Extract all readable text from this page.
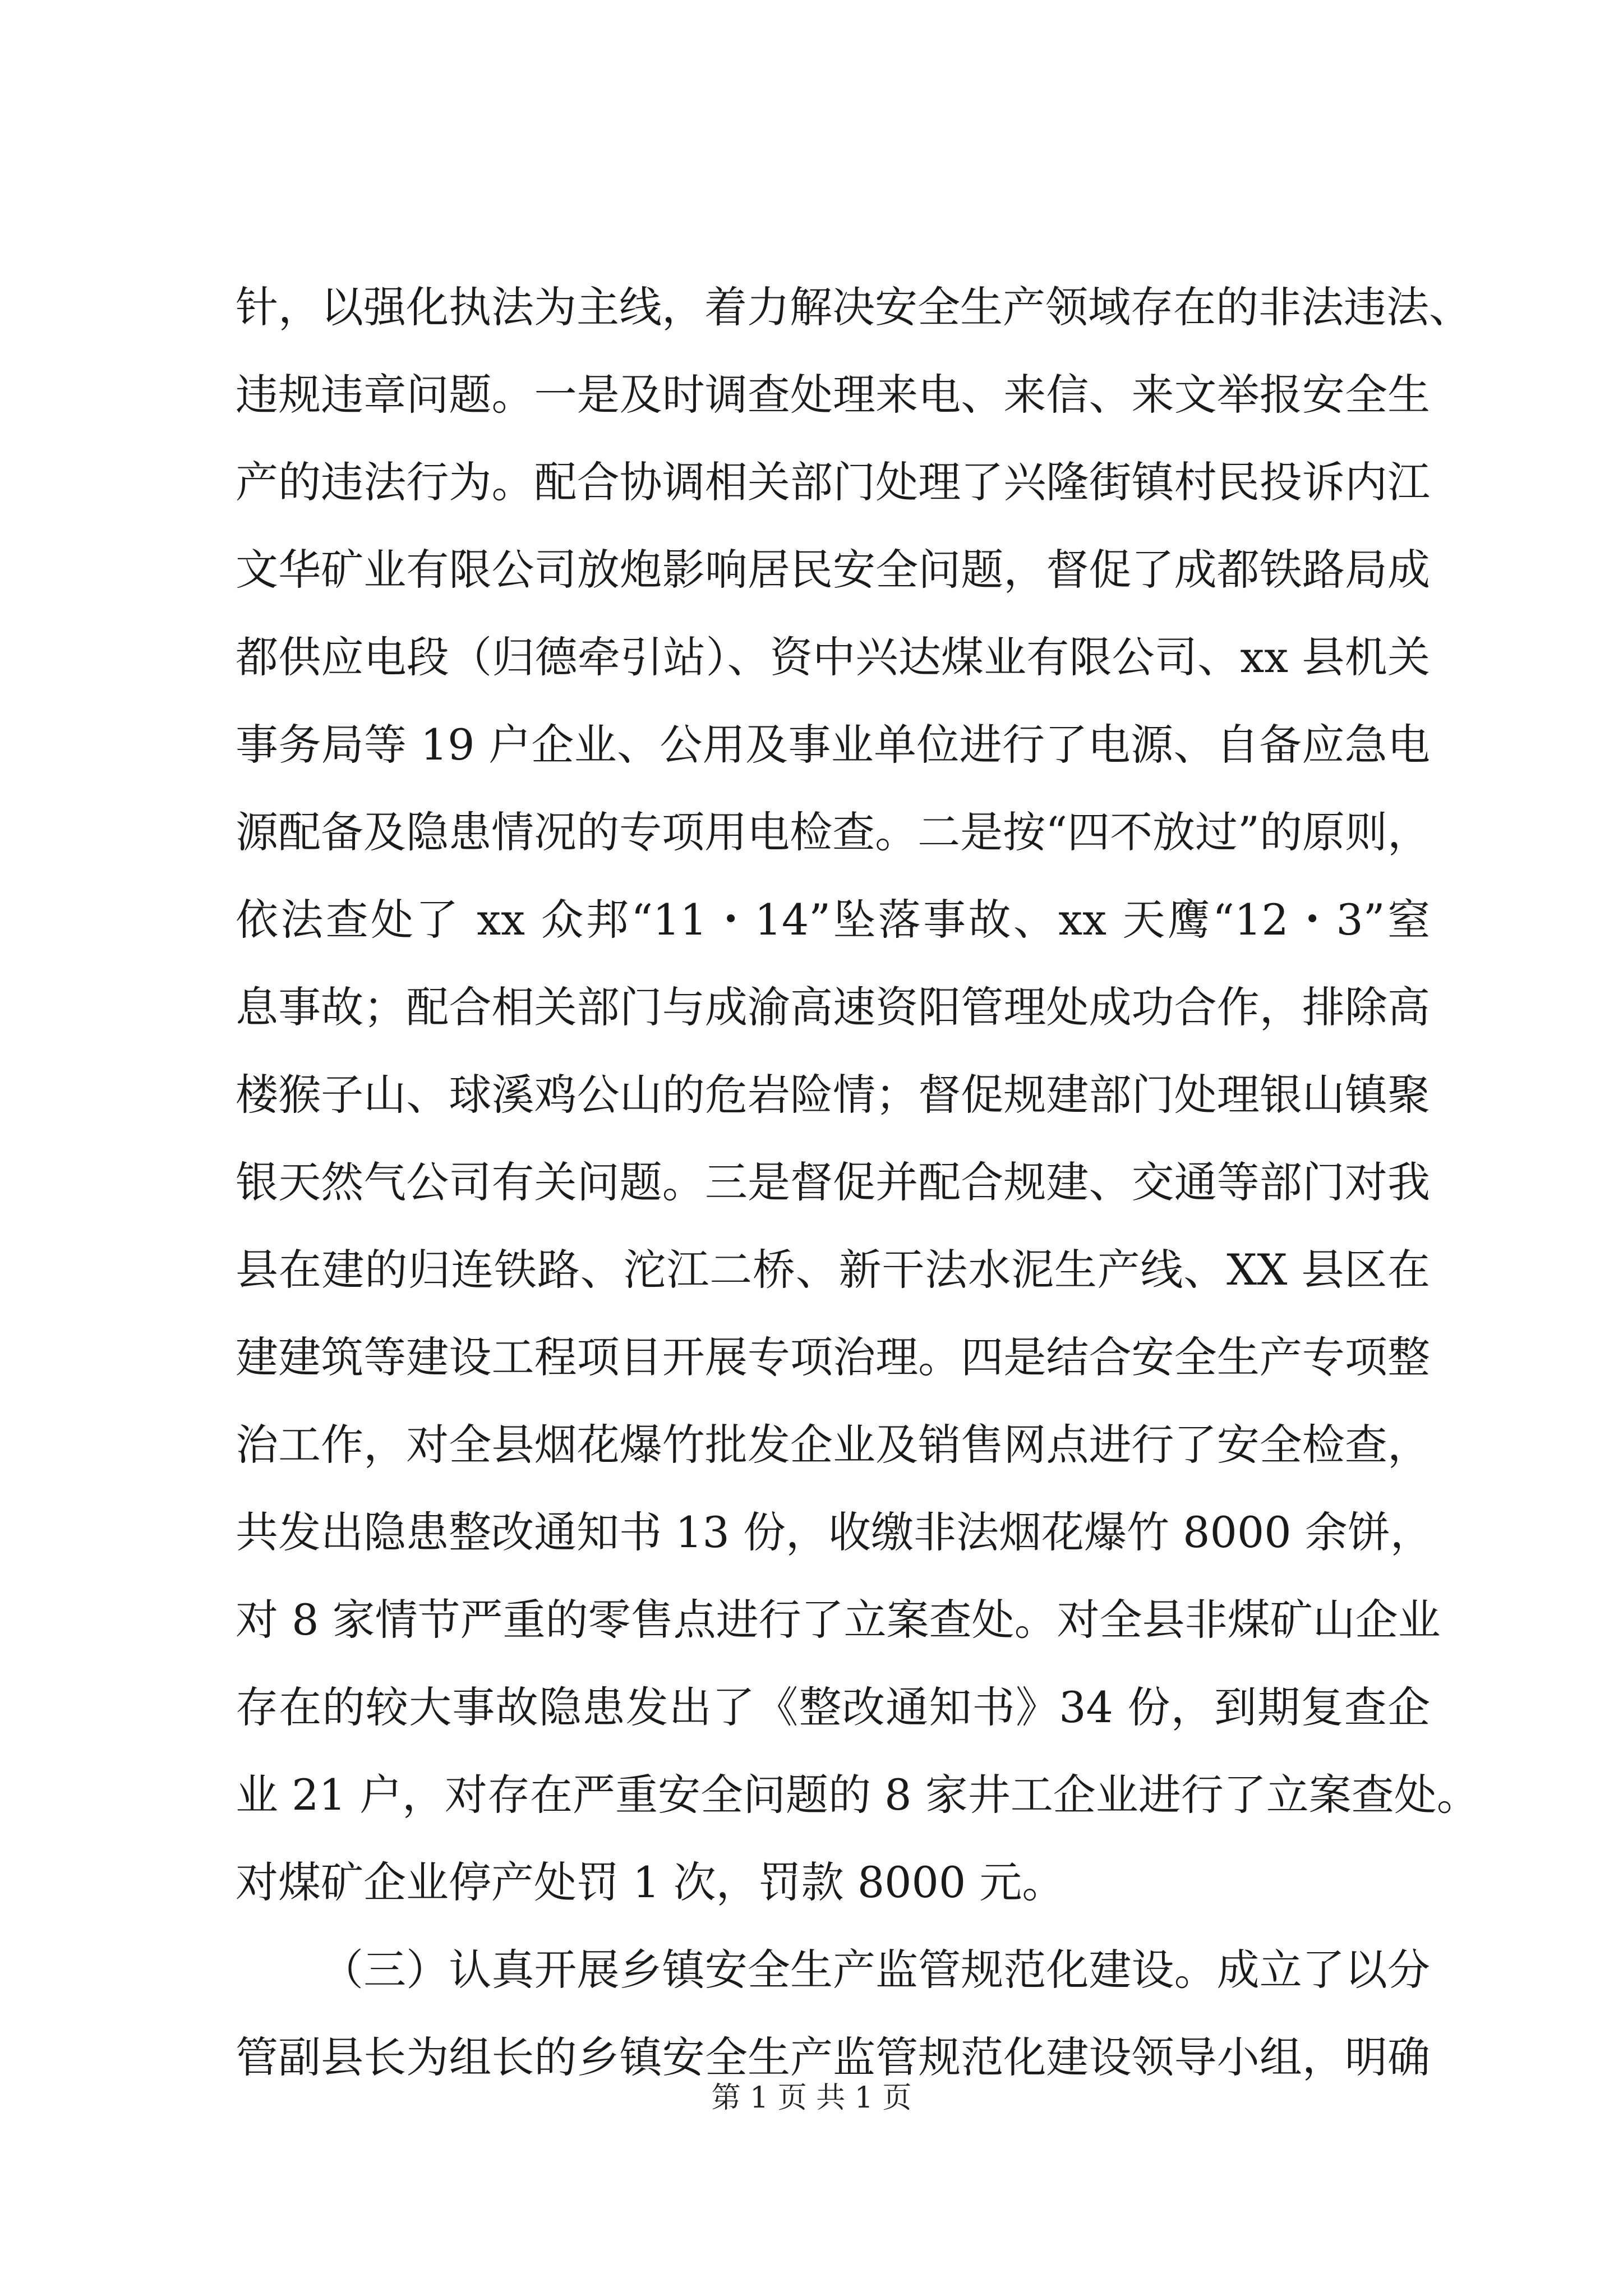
针，以强化执法为主线，着力解决安全生产领域存在的非法违法、
违规违章问题。一是及时调查处理来电、来信、来文举报安全生
产的违法行为。配合协调相关部门处理了兴隆街镇村民投诉内江
文华矿业有限公司放炮影响居民安全问题，督促了成都铁路局成
都供应电段（归德牵引站）、资中兴达煤业有限公司、xx 县机关
事务局等 19 户企业、公用及事业单位进行了电源、自备应急电
源配备及隐患情况的专项用电检查。二是按“四不放过”的原则，
依法查处了 xx 众邦“11・14”坠落事故、xx 天鹰“12・3”窒
息事故；配合相关部门与成渝高速资阳管理处成功合作，排除高
楼猴子山、球溪鸡公山的危岩险情；督促规建部门处理银山镇聚
银天然气公司有关问题。三是督促并配合规建、交通等部门对我
县在建的归连铁路、沱江二桥、新干法水泥生产线、XX 县区在
建建筑等建设工程项目开展专项治理。四是结合安全生产专项整
治工作，对全县烟花爆竹批发企业及销售网点进行了安全检查，
共发出隐患整改通知书 13 份，收缴非法烟花爆竹 8000 余饼，
对 8 家情节严重的零售点进行了立案查处。对全县非煤矿山企业
存在的较大事故隐患发出了《整改通知书》34 份，到期复查企
业 21 户，对存在严重安全问题的 8 家井工企业进行了立案查处。
对煤矿企业停产处罚 1 次，罚款 8000 元。
（三）认真开展乡镇安全生产监管规范化建设。成立了以分
管副县长为组长的乡镇安全生产监管规范化建设领导小组，明确
第 1 页 共 1 页
